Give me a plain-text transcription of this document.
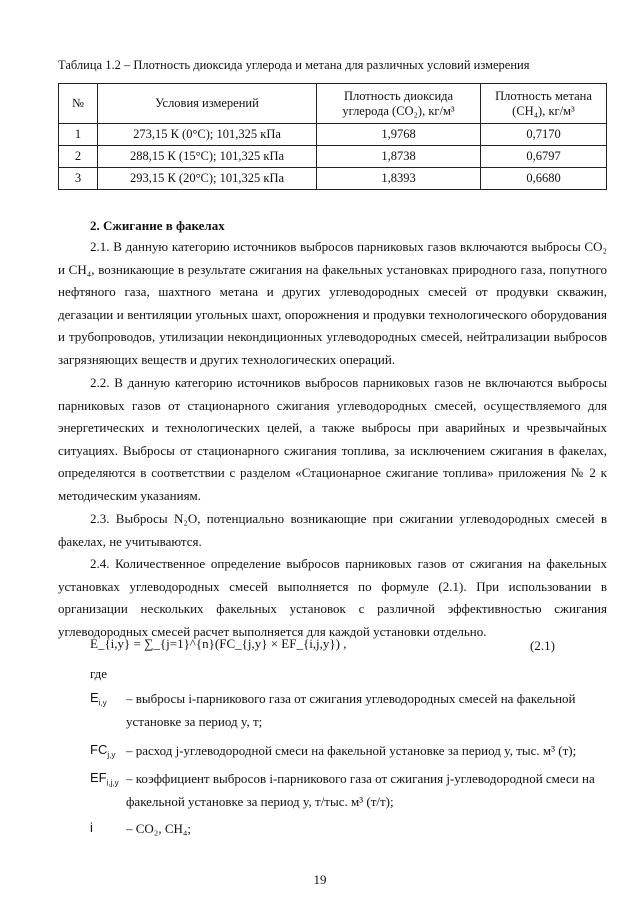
Таблица 1.2 – Плотность диоксида углерода и метана для различных условий измерения
№	Условия измерений	Плотность диоксида углерода (CO₂), кг/м³	Плотность метана (CH₄), кг/м³
1	273,15 К (0°C); 101,325 кПа	1,9768	0,7170
2	288,15 К (15°C); 101,325 кПа	1,8738	0,6797
3	293,15 К (20°C); 101,325 кПа	1,8393	0,6680
2. Сжигание в факелах

2.1. В данную категорию источников выбросов парниковых газов включаются выбросы CO₂ и CH₄, возникающие в результате сжигания на факельных установках природного газа, попутного нефтяного газа, шахтного метана и других углеводородных смесей от продувки скважин, дегазации и вентиляции угольных шахт, опорожнения и продувки технологического оборудования и трубопроводов, утилизации некондиционных углеводородных смесей, нейтрализации выбросов загрязняющих веществ и других технологических операций.

2.2. В данную категорию источников выбросов парниковых газов не включаются выбросы парниковых газов от стационарного сжигания углеводородных смесей, осуществляемого для энергетических и технологических целей, а также выбросы при аварийных и чрезвычайных ситуациях. Выбросы от стационарного сжигания топлива, за исключением сжигания в факелах, определяются в соответствии с разделом «Стационарное сжигание топлива» приложения № 2 к методическим указаниям.

2.3. Выбросы N₂O, потенциально возникающие при сжигании углеводородных смесей в факелах, не учитываются.

2.4. Количественное определение выбросов парниковых газов от сжигания на факельных установках углеводородных смесей выполняется по формуле (2.1). При использовании в организации нескольких факельных установок с различной эффективностью сжигания углеводородных смесей расчет выполняется для каждой установки отдельно.

E_{i,y} = ∑_{j=1}^{n}(FC_{j,y} × EF_{i,j,y}) ,	(2.1)
где
$E_{i,y}$ – выбросы i-парникового газа от сжигания углеводородных смесей на факельной установке за период y, т;

$FC_{j,y}$ – расход j-углеводородной смеси на факельной установке за период y, тыс. м³ (т);

$EF_{i,j,y}$ – коэффициент выбросов i-парникового газа от сжигания j-углеводородной смеси на факельной установке за период y, т/тыс. м³ (т/т);

i	– CO₂, CH₄;

19
